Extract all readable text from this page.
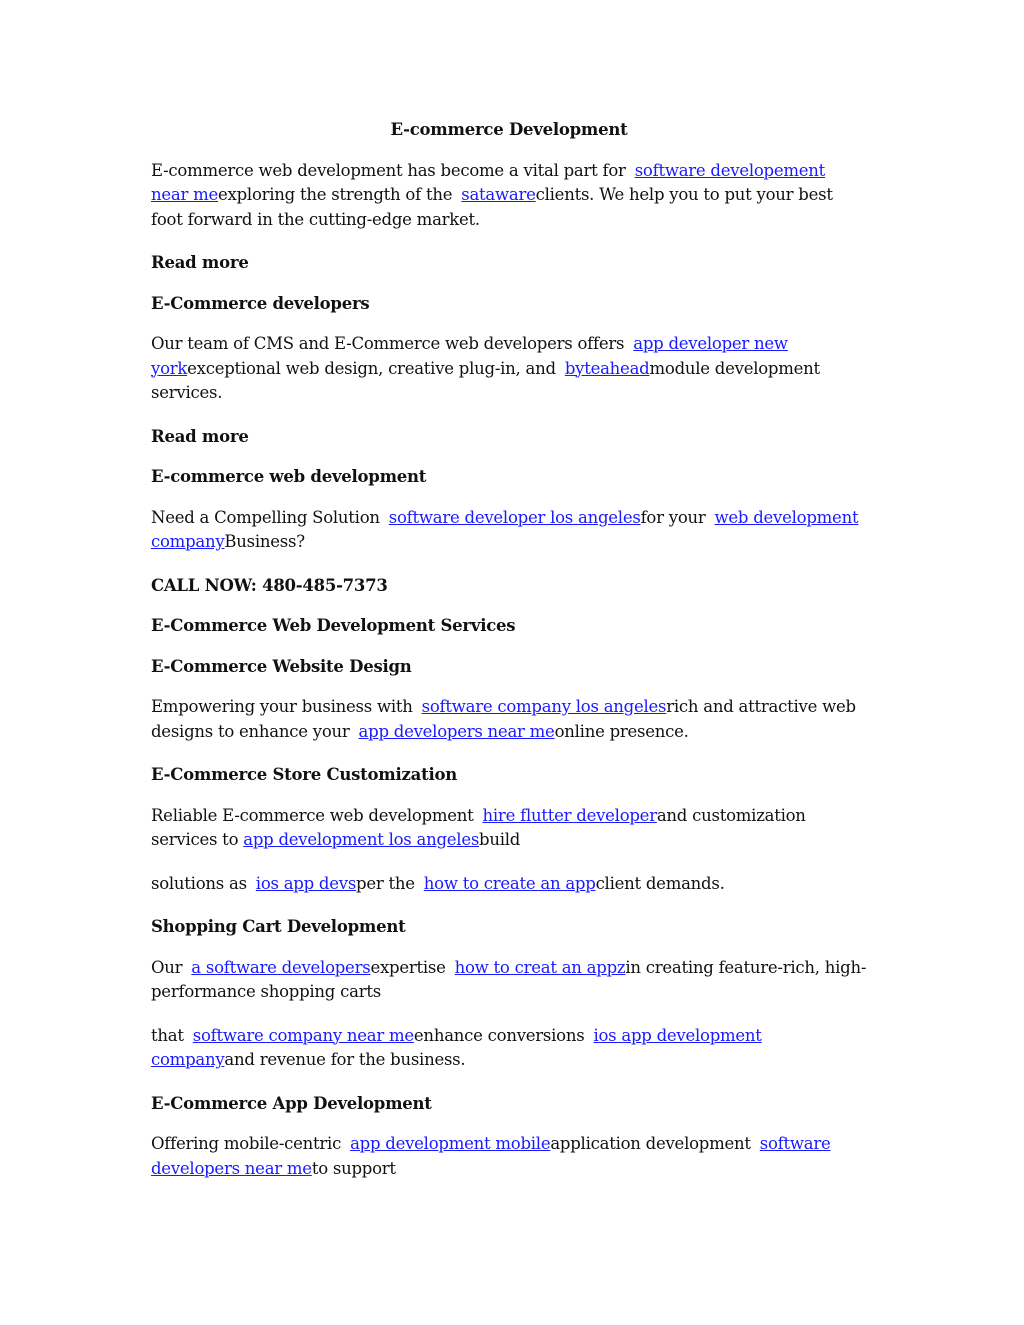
E-commerce Development

E-commerce web development has become a vital part for software developement near meexploring the strength of the satawareclients. We help you to put your best foot forward in the cutting-edge market.

Read more
E-Commerce developers

Our team of CMS and E-Commerce web developers offers app developer new yorkexceptional web design, creative plug-in, and byteaheadmodule development services.

Read more
E-commerce web development

Need a Compelling Solution software developer los angelesfor your web development companyBusiness?

CALL NOW: 480-485-7373
E-Commerce Web Development Services
E-Commerce Website Design

Empowering your business with software company los angelesrich and attractive web designs to enhance your app developers near meonline presence.

E-Commerce Store Customization

Reliable E-commerce web development hire flutter developerand customization services to app development los angelesbuild

solutions as ios app devsper the how to create an appclient demands.

Shopping Cart Development

Our a software developersexpertise how to creat an appzin creating feature-rich, high-performance shopping carts

that software company near meenhance conversions ios app development companyand revenue for the business.

E-Commerce App Development

Offering mobile-centric app development mobileapplication development software developers near meto support
